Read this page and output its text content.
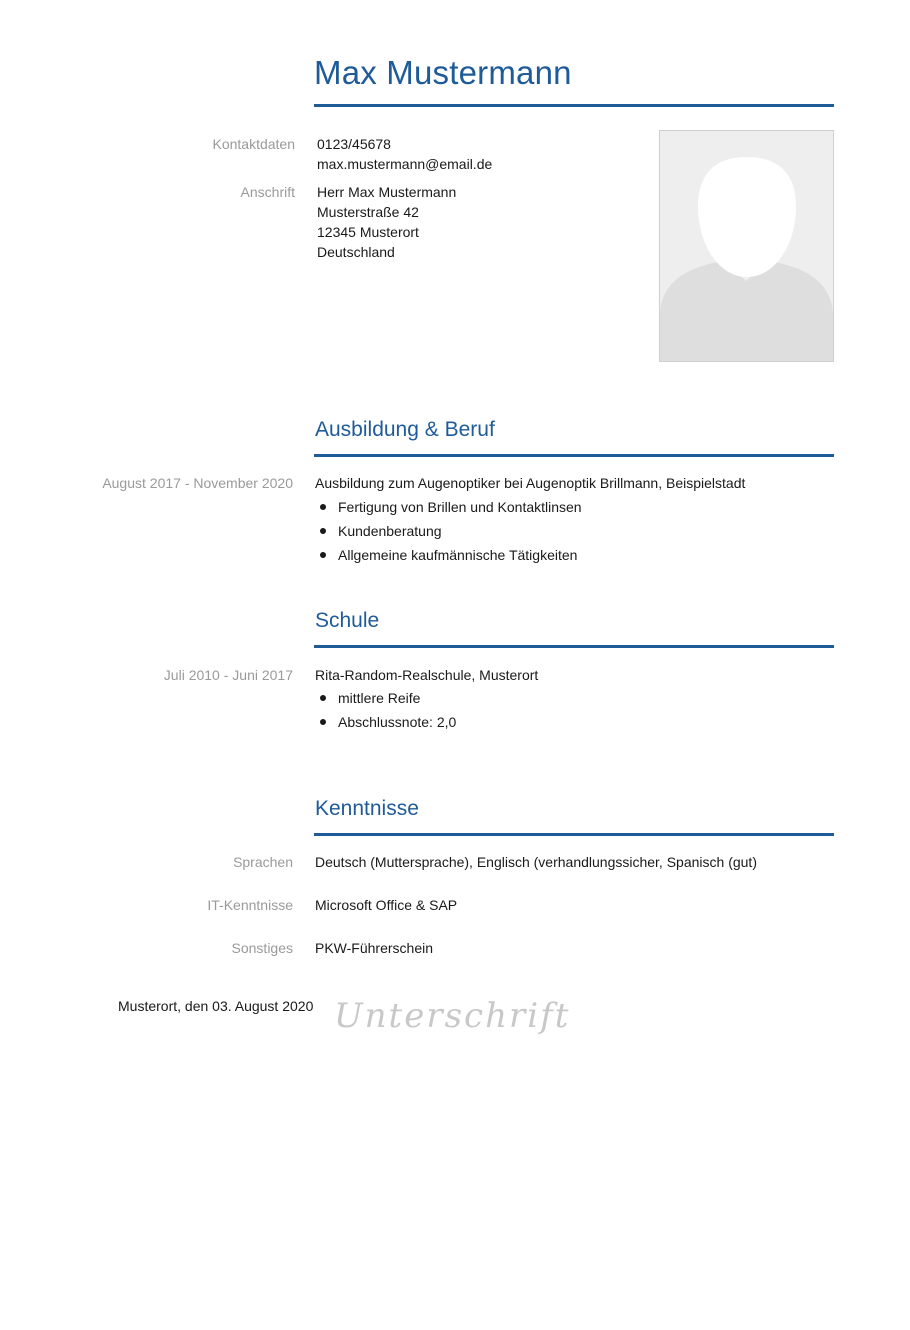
Max Mustermann
Kontaktdaten 0123/45678
max.mustermann@email.de
Anschrift Herr Max Mustermann
Musterstraße 42
12345 Musterort
Deutschland
Ausbildung & Beruf
August 2017 - November 2020 Ausbildung zum Augenoptiker bei Augenoptik Brillmann, Beispielstadt
Fertigung von Brillen und Kontaktlinsen
Kundenberatung
Allgemeine kaufmännische Tätigkeiten
Schule
Juli 2010 - Juni 2017 Rita-Random-Realschule, Musterort
mittlere Reife
Abschlussnote: 2,0
Kenntnisse
Sprachen Deutsch (Muttersprache), Englisch (verhandlungssicher, Spanisch (gut)
IT-Kenntnisse Microsoft Office & SAP
Sonstiges PKW-Führerschein
Musterort, den 03. August 2020 Unterschrift
